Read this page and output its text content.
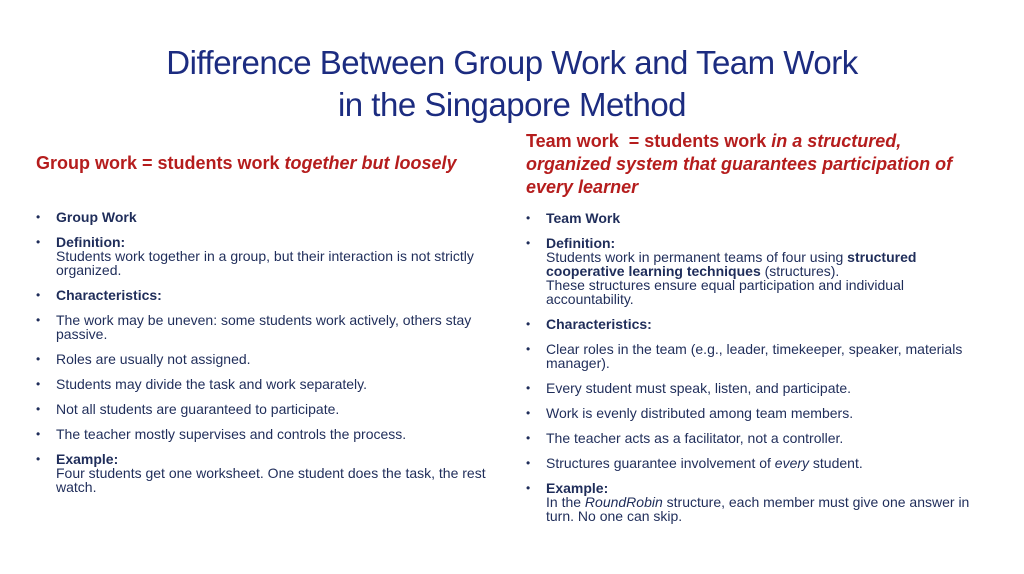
Difference Between Group Work and Team Work
in the Singapore Method
Group work = students work together but loosely
• Group Work
• Definition:
Students work together in a group, but their interaction is not strictly organized.
• Characteristics:
• The work may be uneven: some students work actively, others stay passive.
• Roles are usually not assigned.
• Students may divide the task and work separately.
• Not all students are guaranteed to participate.
• The teacher mostly supervises and controls the process.
• Example:
Four students get one worksheet. One student does the task, the rest watch.
Team work  = students work in a structured, organized system that guarantees participation of every learner
• Team Work
• Definition:
Students work in permanent teams of four using structured cooperative learning techniques (structures).
These structures ensure equal participation and individual accountability.
• Characteristics:
• Clear roles in the team (e.g., leader, timekeeper, speaker, materials manager).
• Every student must speak, listen, and participate.
• Work is evenly distributed among team members.
• The teacher acts as a facilitator, not a controller.
• Structures guarantee involvement of every student.
• Example:
In the RoundRobin structure, each member must give one answer in turn. No one can skip.
